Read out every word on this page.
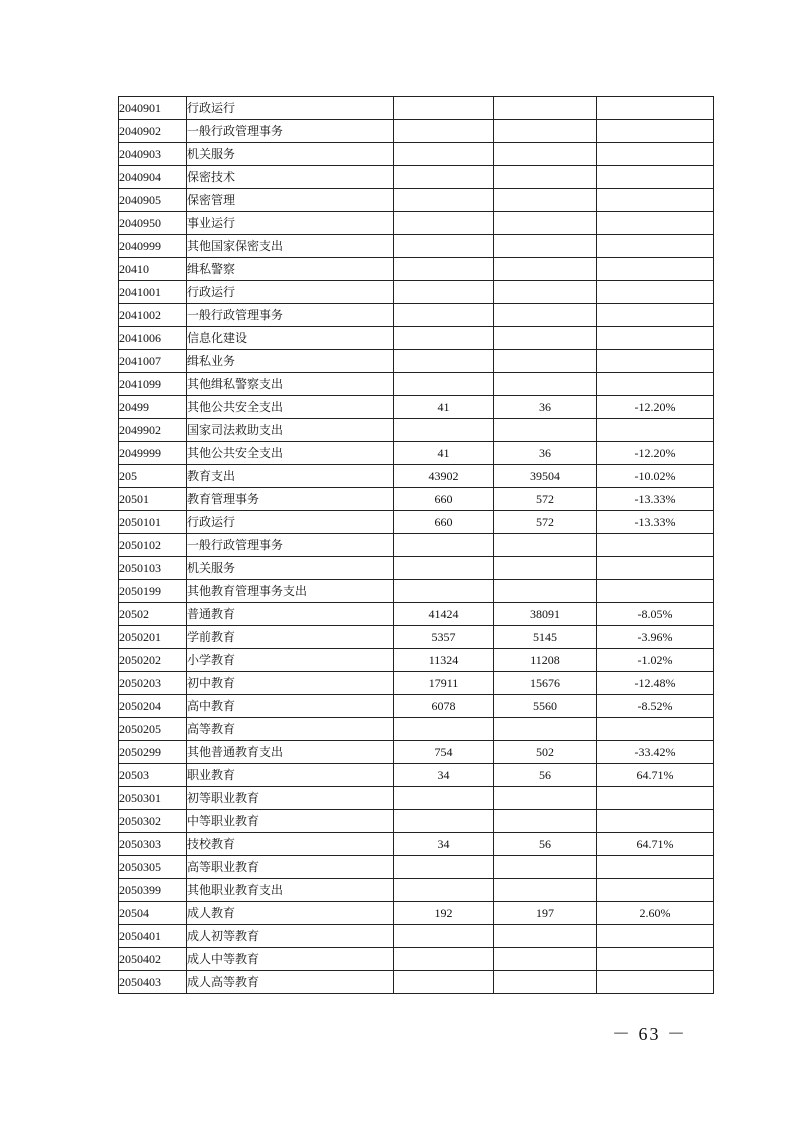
2040901	行政运行			
2040902	一般行政管理事务			
2040903	机关服务			
2040904	保密技术			
2040905	保密管理			
2040950	事业运行			
2040999	其他国家保密支出			
20410	缉私警察			
2041001	行政运行			
2041002	一般行政管理事务			
2041006	信息化建设			
2041007	缉私业务			
2041099	其他缉私警察支出			
20499	其他公共安全支出	41	36	-12.20%
2049902	国家司法救助支出			
2049999	其他公共安全支出	41	36	-12.20%
205	教育支出	43902	39504	-10.02%
20501	教育管理事务	660	572	-13.33%
2050101	行政运行	660	572	-13.33%
2050102	一般行政管理事务			
2050103	机关服务			
2050199	其他教育管理事务支出			
20502	普通教育	41424	38091	-8.05%
2050201	学前教育	5357	5145	-3.96%
2050202	小学教育	11324	11208	-1.02%
2050203	初中教育	17911	15676	-12.48%
2050204	高中教育	6078	5560	-8.52%
2050205	高等教育			
2050299	其他普通教育支出	754	502	-33.42%
20503	职业教育	34	56	64.71%
2050301	初等职业教育			
2050302	中等职业教育			
2050303	技校教育	34	56	64.71%
2050305	高等职业教育			
2050399	其他职业教育支出			
20504	成人教育	192	197	2.60%
2050401	成人初等教育			
2050402	成人中等教育			
2050403	成人高等教育			
－ 63 －
